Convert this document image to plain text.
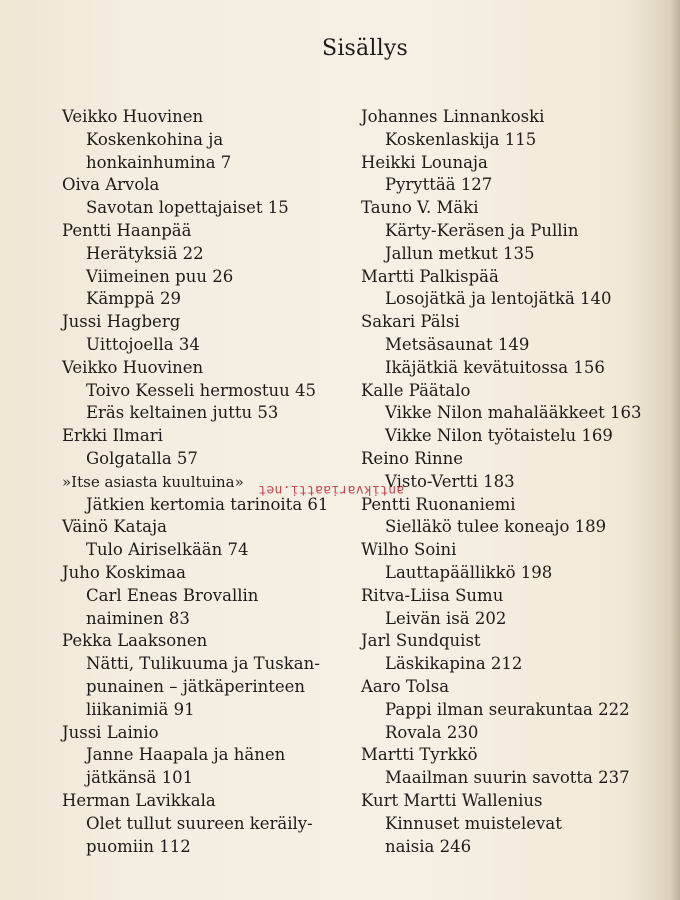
Sisällys
Veikko Huovinen
Koskenkohina ja
honkainhumina 7
Oiva Arvola
Savotan lopettajaiset 15
Pentti Haanpää
Herätyksiä 22
Viimeinen puu 26
Kämppä 29
Jussi Hagberg
Uittojoella 34
Veikko Huovinen
Toivo Kesseli hermostuu 45
Eräs keltainen juttu 53
Erkki Ilmari
Golgatalla 57
»Itse asiasta kuultuina»
Jätkien kertomia tarinoita 61
Väinö Kataja
Tulo Airiselkään 74
Juho Koskimaa
Carl Eneas Brovallin
naiminen 83
Pekka Laaksonen
Nätti, Tulikuuma ja Tuskan-
punainen – jätkäperinteen
liikanimiä 91
Jussi Lainio
Janne Haapala ja hänen
jätkänsä 101
Herman Lavikkala
Olet tullut suureen keräily-
puomiin 112
Johannes Linnankoski
Koskenlaskija 115
Heikki Lounaja
Pyryttää 127
Tauno V. Mäki
Kärty-Keräsen ja Pullin
Jallun metkut 135
Martti Palkispää
Losojätkä ja lentojätkä 140
Sakari Pälsi
Metsäsaunat 149
Ikäjätkiä kevätuitossa 156
Kalle Päätalo
Vikke Nilon mahalääkkeet 163
Vikke Nilon työtaistelu 169
Reino Rinne
Visto-Vertti 183
Pentti Ruonaniemi
Sielläkö tulee koneajo 189
Wilho Soini
Lauttapäällikkö 198
Ritva-Liisa Sumu
Leivän isä 202
Jarl Sundquist
Läskikapina 212
Aaro Tolsa
Pappi ilman seurakuntaa 222
Rovala 230
Martti Tyrkkö
Maailman suurin savotta 237
Kurt Martti Wallenius
Kinnuset muistelevat
naisia 246
antikvariaatti.net
